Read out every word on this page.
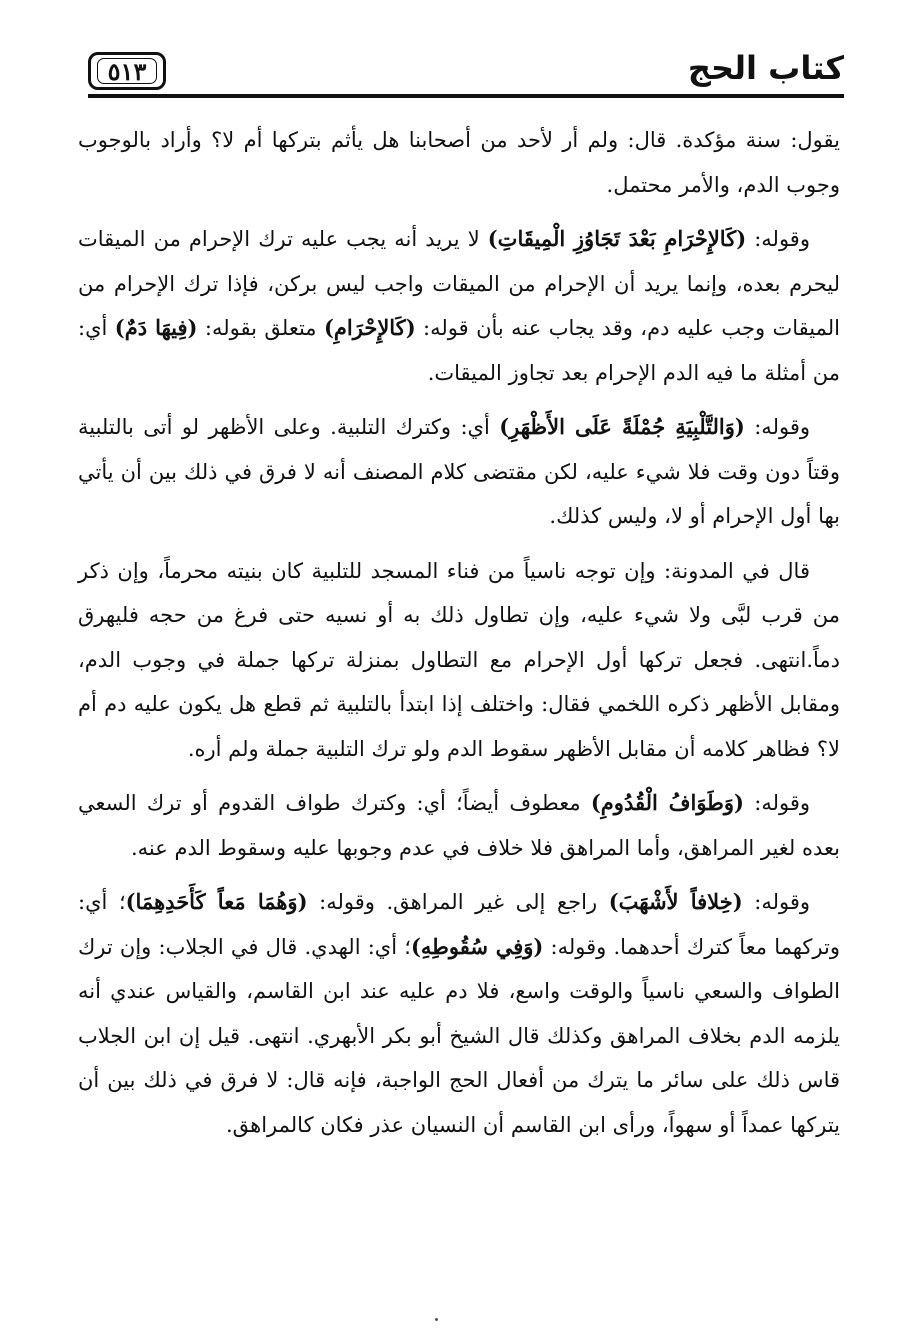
٥١٣	كتاب الحج

يقول: سنة مؤكدة. قال: ولم أر لأحد من أصحابنا هل يأثم بتركها أم لا؟ وأراد بالوجوب وجوب الدم، والأمر محتمل.

وقوله: (كَالإِحْرَامِ بَعْدَ تَجَاوُزِ الْمِيقَاتِ) لا يريد أنه يجب عليه ترك الإحرام من الميقات ليحرم بعده، وإنما يريد أن الإحرام من الميقات واجب ليس بركن، فإذا ترك الإحرام من الميقات وجب عليه دم، وقد يجاب عنه بأن قوله: (كَالإِحْرَامِ) متعلق بقوله: (فِيهَا دَمٌ) أي: من أمثلة ما فيه الدم الإحرام بعد تجاوز الميقات.

وقوله: (وَالتَّلْبِيَةِ جُمْلَةً عَلَى الأَظْهَرِ) أي: وكترك التلبية. وعلى الأظهر لو أتى بالتلبية وقتاً دون وقت فلا شيء عليه، لكن مقتضى كلام المصنف أنه لا فرق في ذلك بين أن يأتي بها أول الإحرام أو لا، وليس كذلك.

قال في المدونة: وإن توجه ناسياً من فناء المسجد للتلبية كان بنيته محرماً، وإن ذكر من قرب لبَّى ولا شيء عليه، وإن تطاول ذلك به أو نسيه حتى فرغ من حجه فليهرق دماً.انتهى. فجعل تركها أول الإحرام مع التطاول بمنزلة تركها جملة في وجوب الدم، ومقابل الأظهر ذكره اللخمي فقال: واختلف إذا ابتدأ بالتلبية ثم قطع هل يكون عليه دم أم لا؟ فظاهر كلامه أن مقابل الأظهر سقوط الدم ولو ترك التلبية جملة ولم أره.

وقوله: (وَطَوَافُ الْقُدُومِ) معطوف أيضاً؛ أي: وكترك طواف القدوم أو ترك السعي بعده لغير المراهق، وأما المراهق فلا خلاف في عدم وجوبها عليه وسقوط الدم عنه.

وقوله: (خِلافاً لأَشْهَبَ) راجع إلى غير المراهق. وقوله: (وَهُمَا مَعاً كَأَحَدِهِمَا)؛ أي: وتركهما معاً كترك أحدهما. وقوله: (وَفِي سُقُوطِهِ)؛ أي: الهدي. قال في الجلاب: وإن ترك الطواف والسعي ناسياً والوقت واسع، فلا دم عليه عند ابن القاسم، والقياس عندي أنه يلزمه الدم بخلاف المراهق وكذلك قال الشيخ أبو بكر الأبهري. انتهى. قيل إن ابن الجلاب قاس ذلك على سائر ما يترك من أفعال الحج الواجبة، فإنه قال: لا فرق في ذلك بين أن يتركها عمداً أو سهواً، ورأى ابن القاسم أن النسيان عذر فكان كالمراهق.
